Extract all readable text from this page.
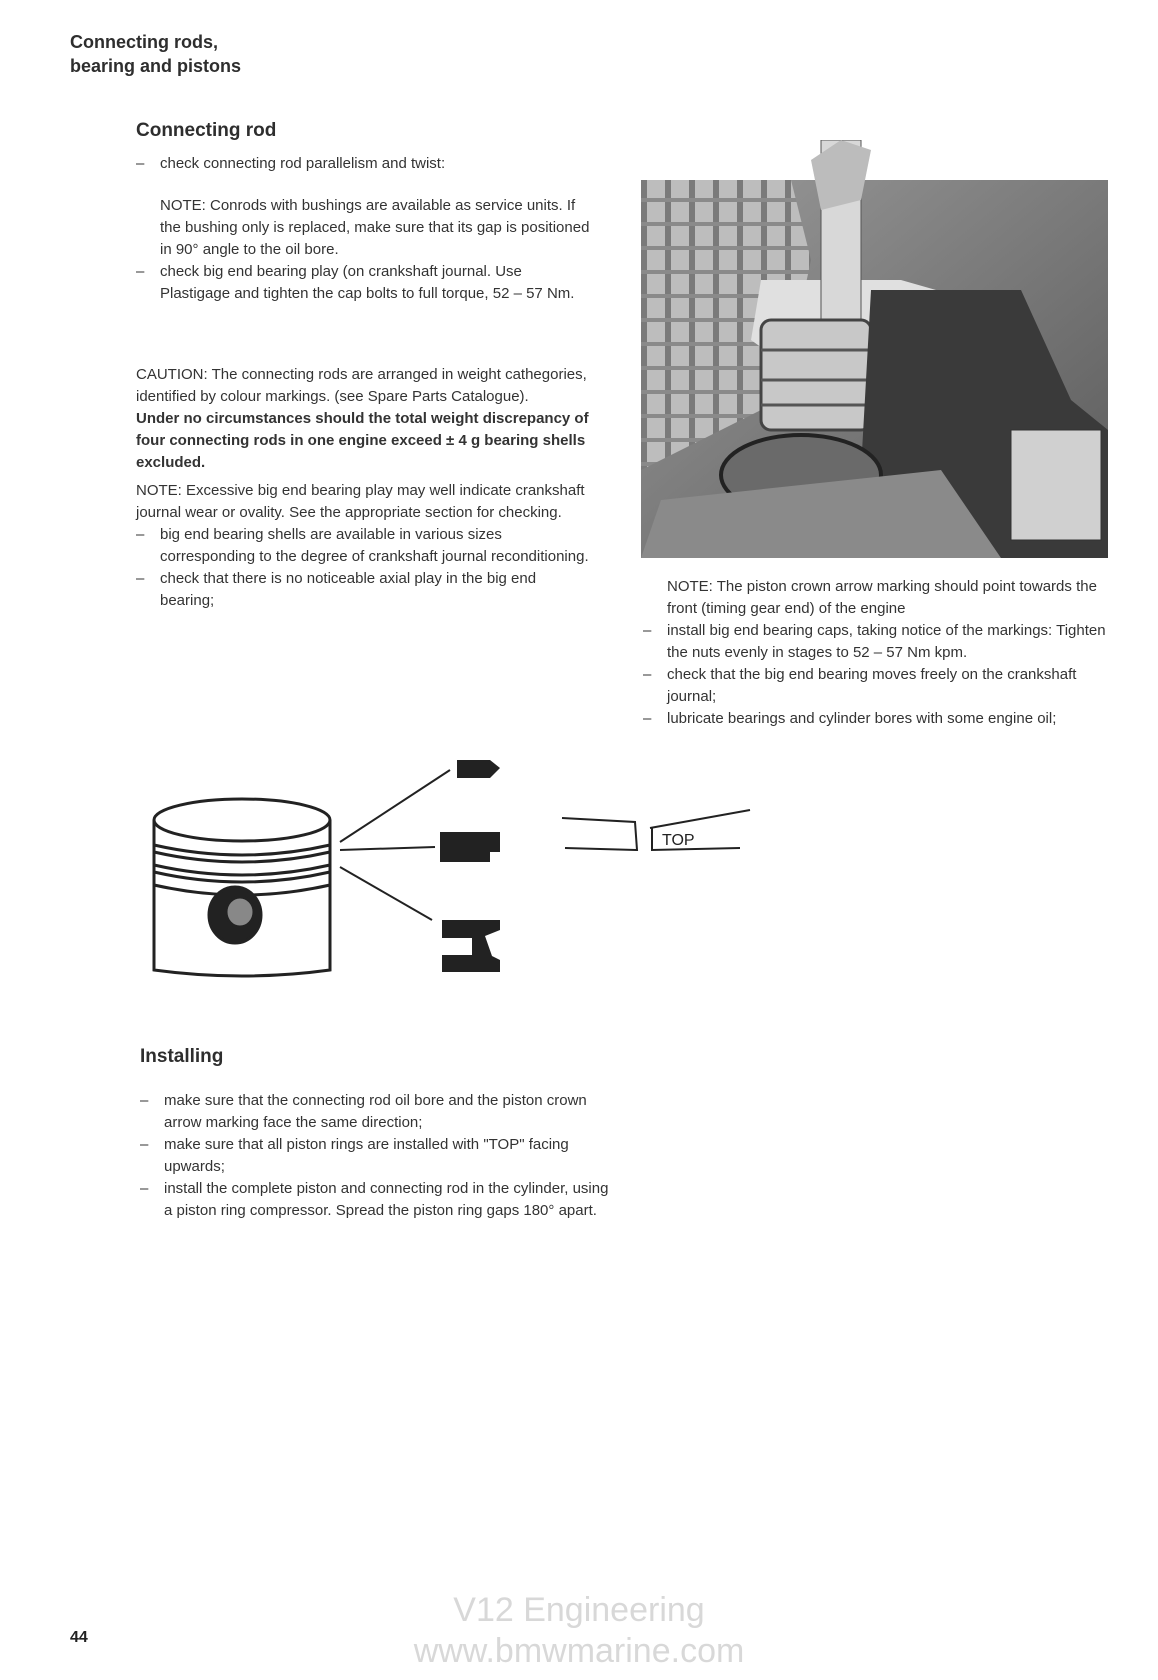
Connecting rods,
bearing and pistons
Connecting rod
– check connecting rod parallelism and twist:

NOTE: Conrods with bushings are available as service units. If the bushing only is replaced, make sure that its gap is positioned in 90° angle to the oil bore.

– check big end bearing play (on crankshaft journal. Use Plastigage and tighten the cap bolts to full torque, 52 – 57 Nm.

CAUTION: The connecting rods are arranged in weight cathegories, identified by colour markings. (see Spare Parts Catalogue).

Under no circumstances should the total weight discrepancy of four connecting rods in one engine exceed ± 4 g bearing shells excluded.

NOTE: Excessive big end bearing play may well indicate crankshaft journal wear or ovality. See the appropriate section for checking.

– big end bearing shells are available in various sizes corresponding to the degree of crankshaft journal reconditioning.
– check that there is no noticeable axial play in the big end bearing;

NOTE: The piston crown arrow marking should point towards the front (timing gear end) of the engine

– install big end bearing caps, taking notice of the markings: Tighten the nuts evenly in stages to 52 – 57 Nm kpm.
– check that the big end bearing moves freely on the crankshaft journal;
– lubricate bearings and cylinder bores with some engine oil;
TOP
Installing
– make sure that the connecting rod oil bore and the piston crown arrow marking face the same direction;
– make sure that all piston rings are installed with "TOP" facing upwards;
– install the complete piston and connecting rod in the cylinder, using a piston ring compressor. Spread the piston ring gaps 180° apart.
V12 Engineering
www.bmwmarine.com
44
